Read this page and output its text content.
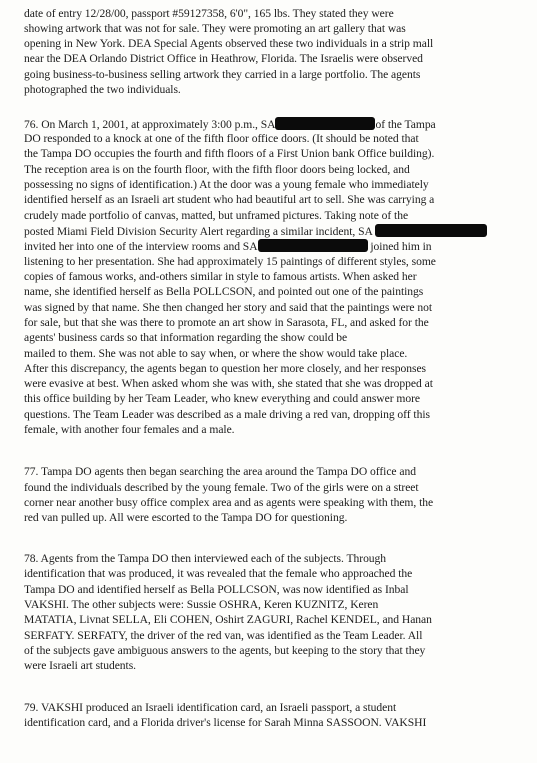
date of entry 12/28/00, passport #59127358, 6'0", 165 lbs. They stated they were
showing artwork that was not for sale. They were promoting an art gallery that was
opening in New York. DEA Special Agents observed these two individuals in a strip mall
near the DEA Orlando District Office in Heathrow, Florida. The Israelis were observed
going business-to-business selling artwork they carried in a large portfolio. The agents
photographed the two individuals.
76. On March 1, 2001, at approximately 3:00 p.m., SA	of the Tampa
DO responded to a knock at one of the fifth floor office doors. (It should be noted that
the Tampa DO occupies the fourth and fifth floors of a First Union bank Office building).
The reception area is on the fourth floor, with the fifth floor doors being locked, and
possessing no signs of identification.) At the door was a young female who immediately
identified herself as an Israeli art student who had beautiful art to sell. She was carrying a
crudely made portfolio of canvas, matted, but unframed pictures. Taking note of the
posted Miami Field Division Security Alert regarding a similar incident, SA
invited her into one of the interview rooms and SA	joined him in
listening to her presentation. She had approximately 15 paintings of different styles, some
copies of famous works, and-others similar in style to famous artists. When asked her
name, she identified herself as Bella POLLCSON, and pointed out one of the paintings
was signed by that name. She then changed her story and said that the paintings were not
for sale, but that she was there to promote an art show in Sarasota, FL, and asked for the
agents' business cards so that information regarding the show could be
mailed to them. She was not able to say when, or where the show would take place.
After this discrepancy, the agents began to question her more closely, and her responses
were evasive at best. When asked whom she was with, she stated that she was dropped at
this office building by her Team Leader, who knew everything and could answer more
questions. The Team Leader was described as a male driving a red van, dropping off this
female, with another four females and a male.
77. Tampa DO agents then began searching the area around the Tampa DO office and
found the individuals described by the young female. Two of the girls were on a street
corner near another busy office complex area and as agents were speaking with them, the
red van pulled up. All were escorted to the Tampa DO for questioning.
78. Agents from the Tampa DO then interviewed each of the subjects. Through
identification that was produced, it was revealed that the female who approached the
Tampa DO and identified herself as Bella POLLCSON, was now identified as Inbal
VAKSHI. The other subjects were: Sussie OSHRA, Keren KUZNITZ, Keren
MATATIA, Livnat SELLA, Eli COHEN, Oshirt ZAGURI, Rachel KENDEL, and Hanan
SERFATY. SERFATY, the driver of the red van, was identified as the Team Leader. All
of the subjects gave ambiguous answers to the agents, but keeping to the story that they
were Israeli art students.
79. VAKSHI produced an Israeli identification card, an Israeli passport, a student
identification card, and a Florida driver's license for Sarah Minna SASSOON. VAKSHI
